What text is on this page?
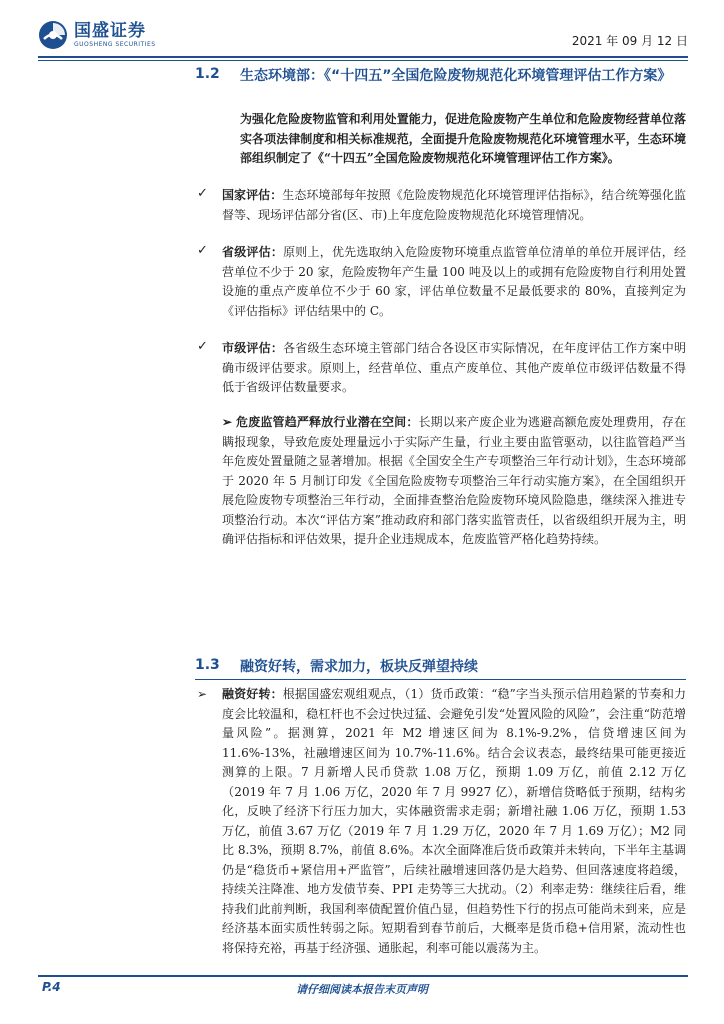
国盛证券
GUOSHENG SECURITIES	2021 年 09 月 12 日
1.2 生态环境部：《“十四五”全国危险废物规范化环境管理评估工作方案》
为强化危险废物监管和利用处置能力，促进危险废物产生单位和危险废物经营单位落实各项法律制度和相关标准规范，全面提升危险废物规范化环境管理水平，生态环境部组织制定了《“十四五”全国危险废物规范化环境管理评估工作方案》。
✓ 国家评估：生态环境部每年按照《危险废物规范化环境管理评估指标》，结合统筹强化监督等、现场评估部分省(区、市)上年度危险废物规范化环境管理情况。
✓ 省级评估：原则上，优先选取纳入危险废物环境重点监管单位清单的单位开展评估，经营单位不少于 20 家，危险废物年产生量 100 吨及以上的或拥有危险废物自行利用处置设施的重点产废单位不少于 60 家，评估单位数量不足最低要求的 80%，直接判定为《评估指标》评估结果中的 C。
✓ 市级评估：各省级生态环境主管部门结合各设区市实际情况，在年度评估工作方案中明确市级评估要求。原则上，经营单位、重点产废单位、其他产废单位市级评估数量不得低于省级评估数量要求。
➢ 危废监管趋严释放行业潜在空间：长期以来产废企业为逃避高额危废处理费用，存在瞒报现象，导致危废处理量远小于实际产生量，行业主要由监管驱动，以往监管趋严当年危废处置量随之显著增加。根据《全国安全生产专项整治三年行动计划》，生态环境部于 2020 年 5 月制订印发《全国危险废物专项整治三年行动实施方案》，在全国组织开展危险废物专项整治三年行动，全面排查整治危险废物环境风险隐患，继续深入推进专项整治行动。本次“评估方案”推动政府和部门落实监管责任，以省级组织开展为主，明确评估指标和评估效果，提升企业违规成本，危废监管严格化趋势持续。
1.3 融资好转，需求加力，板块反弹望持续
➢ 融资好转：根据国盛宏观组观点，（1）货币政策：“稳”字当头预示信用趋紧的节奏和力度会比较温和，稳杠杆也不会过快过猛、会避免引发“处置风险的风险”，会注重“防范增量风险”。据测算，2021 年 M2 增速区间为 8.1%-9.2%，信贷增速区间为 11.6%-13%，社融增速区间为 10.7%-11.6%。结合会议表态，最终结果可能更接近测算的上限。7 月新增人民币贷款 1.08 万亿，预期 1.09 万亿，前值 2.12 万亿（2019 年 7 月 1.06 万亿，2020 年 7 月 9927 亿），新增信贷略低于预期，结构劣化，反映了经济下行压力加大，实体融资需求走弱；新增社融 1.06 万亿，预期 1.53 万亿，前值 3.67 万亿（2019 年 7 月 1.29 万亿，2020 年 7 月 1.69 万亿）；M2 同比 8.3%，预期 8.7%，前值 8.6%。本次全面降准后货币政策并未转向，下半年主基调仍是“稳货币+紧信用+严监管”，后续社融增速回落仍是大趋势、但回落速度将趋缓，持续关注降准、地方发债节奏、PPI 走势等三大扰动。（2）利率走势：继续往后看，维持我们此前判断，我国利率债配置价值凸显，但趋势性下行的拐点可能尚未到来，应是经济基本面实质性转弱之际。短期看到春节前后，大概率是货币稳+信用紧，流动性也将保持充裕，再基于经济强、通胀起，利率可能以震荡为主。
P.4	请仔细阅读本报告末页声明
